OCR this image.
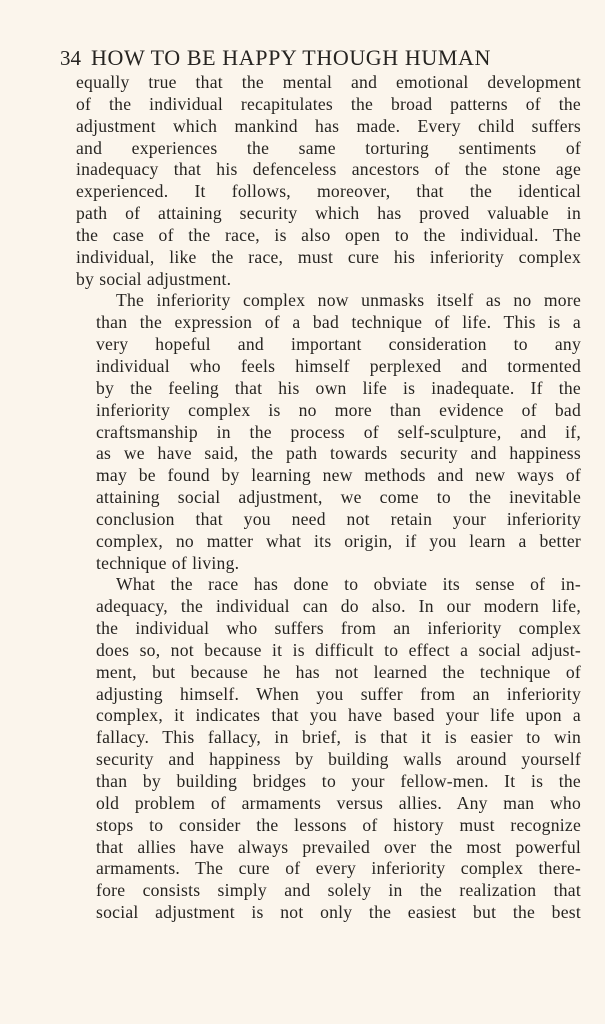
34 HOW TO BE HAPPY THOUGH HUMAN

equally true that the mental and emotional development
of the individual recapitulates the broad patterns of the
adjustment which mankind has made. Every child suffers
and experiences the same torturing sentiments of
inadequacy that his defenceless ancestors of the stone age
experienced. It follows, moreover, that the identical
path of attaining security which has proved valuable in
the case of the race, is also open to the individual. The
individual, like the race, must cure his inferiority complex
by social adjustment.

The inferiority complex now unmasks itself as no more
than the expression of a bad technique of life. This is a
very hopeful and important consideration to any
individual who feels himself perplexed and tormented
by the feeling that his own life is inadequate. If the
inferiority complex is no more than evidence of bad
craftsmanship in the process of self-sculpture, and if,
as we have said, the path towards security and happiness
may be found by learning new methods and new ways of
attaining social adjustment, we come to the inevitable
conclusion that you need not retain your inferiority
complex, no matter what its origin, if you learn a better
technique of living.

What the race has done to obviate its sense of in-
adequacy, the individual can do also. In our modern life,
the individual who suffers from an inferiority complex
does so, not because it is difficult to effect a social adjust-
ment, but because he has not learned the technique of
adjusting himself. When you suffer from an inferiority
complex, it indicates that you have based your life upon a
fallacy. This fallacy, in brief, is that it is easier to win
security and happiness by building walls around yourself
than by building bridges to your fellow-men. It is the
old problem of armaments versus allies. Any man who
stops to consider the lessons of history must recognize
that allies have always prevailed over the most powerful
armaments. The cure of every inferiority complex there-
fore consists simply and solely in the realization that
social adjustment is not only the easiest but the best
